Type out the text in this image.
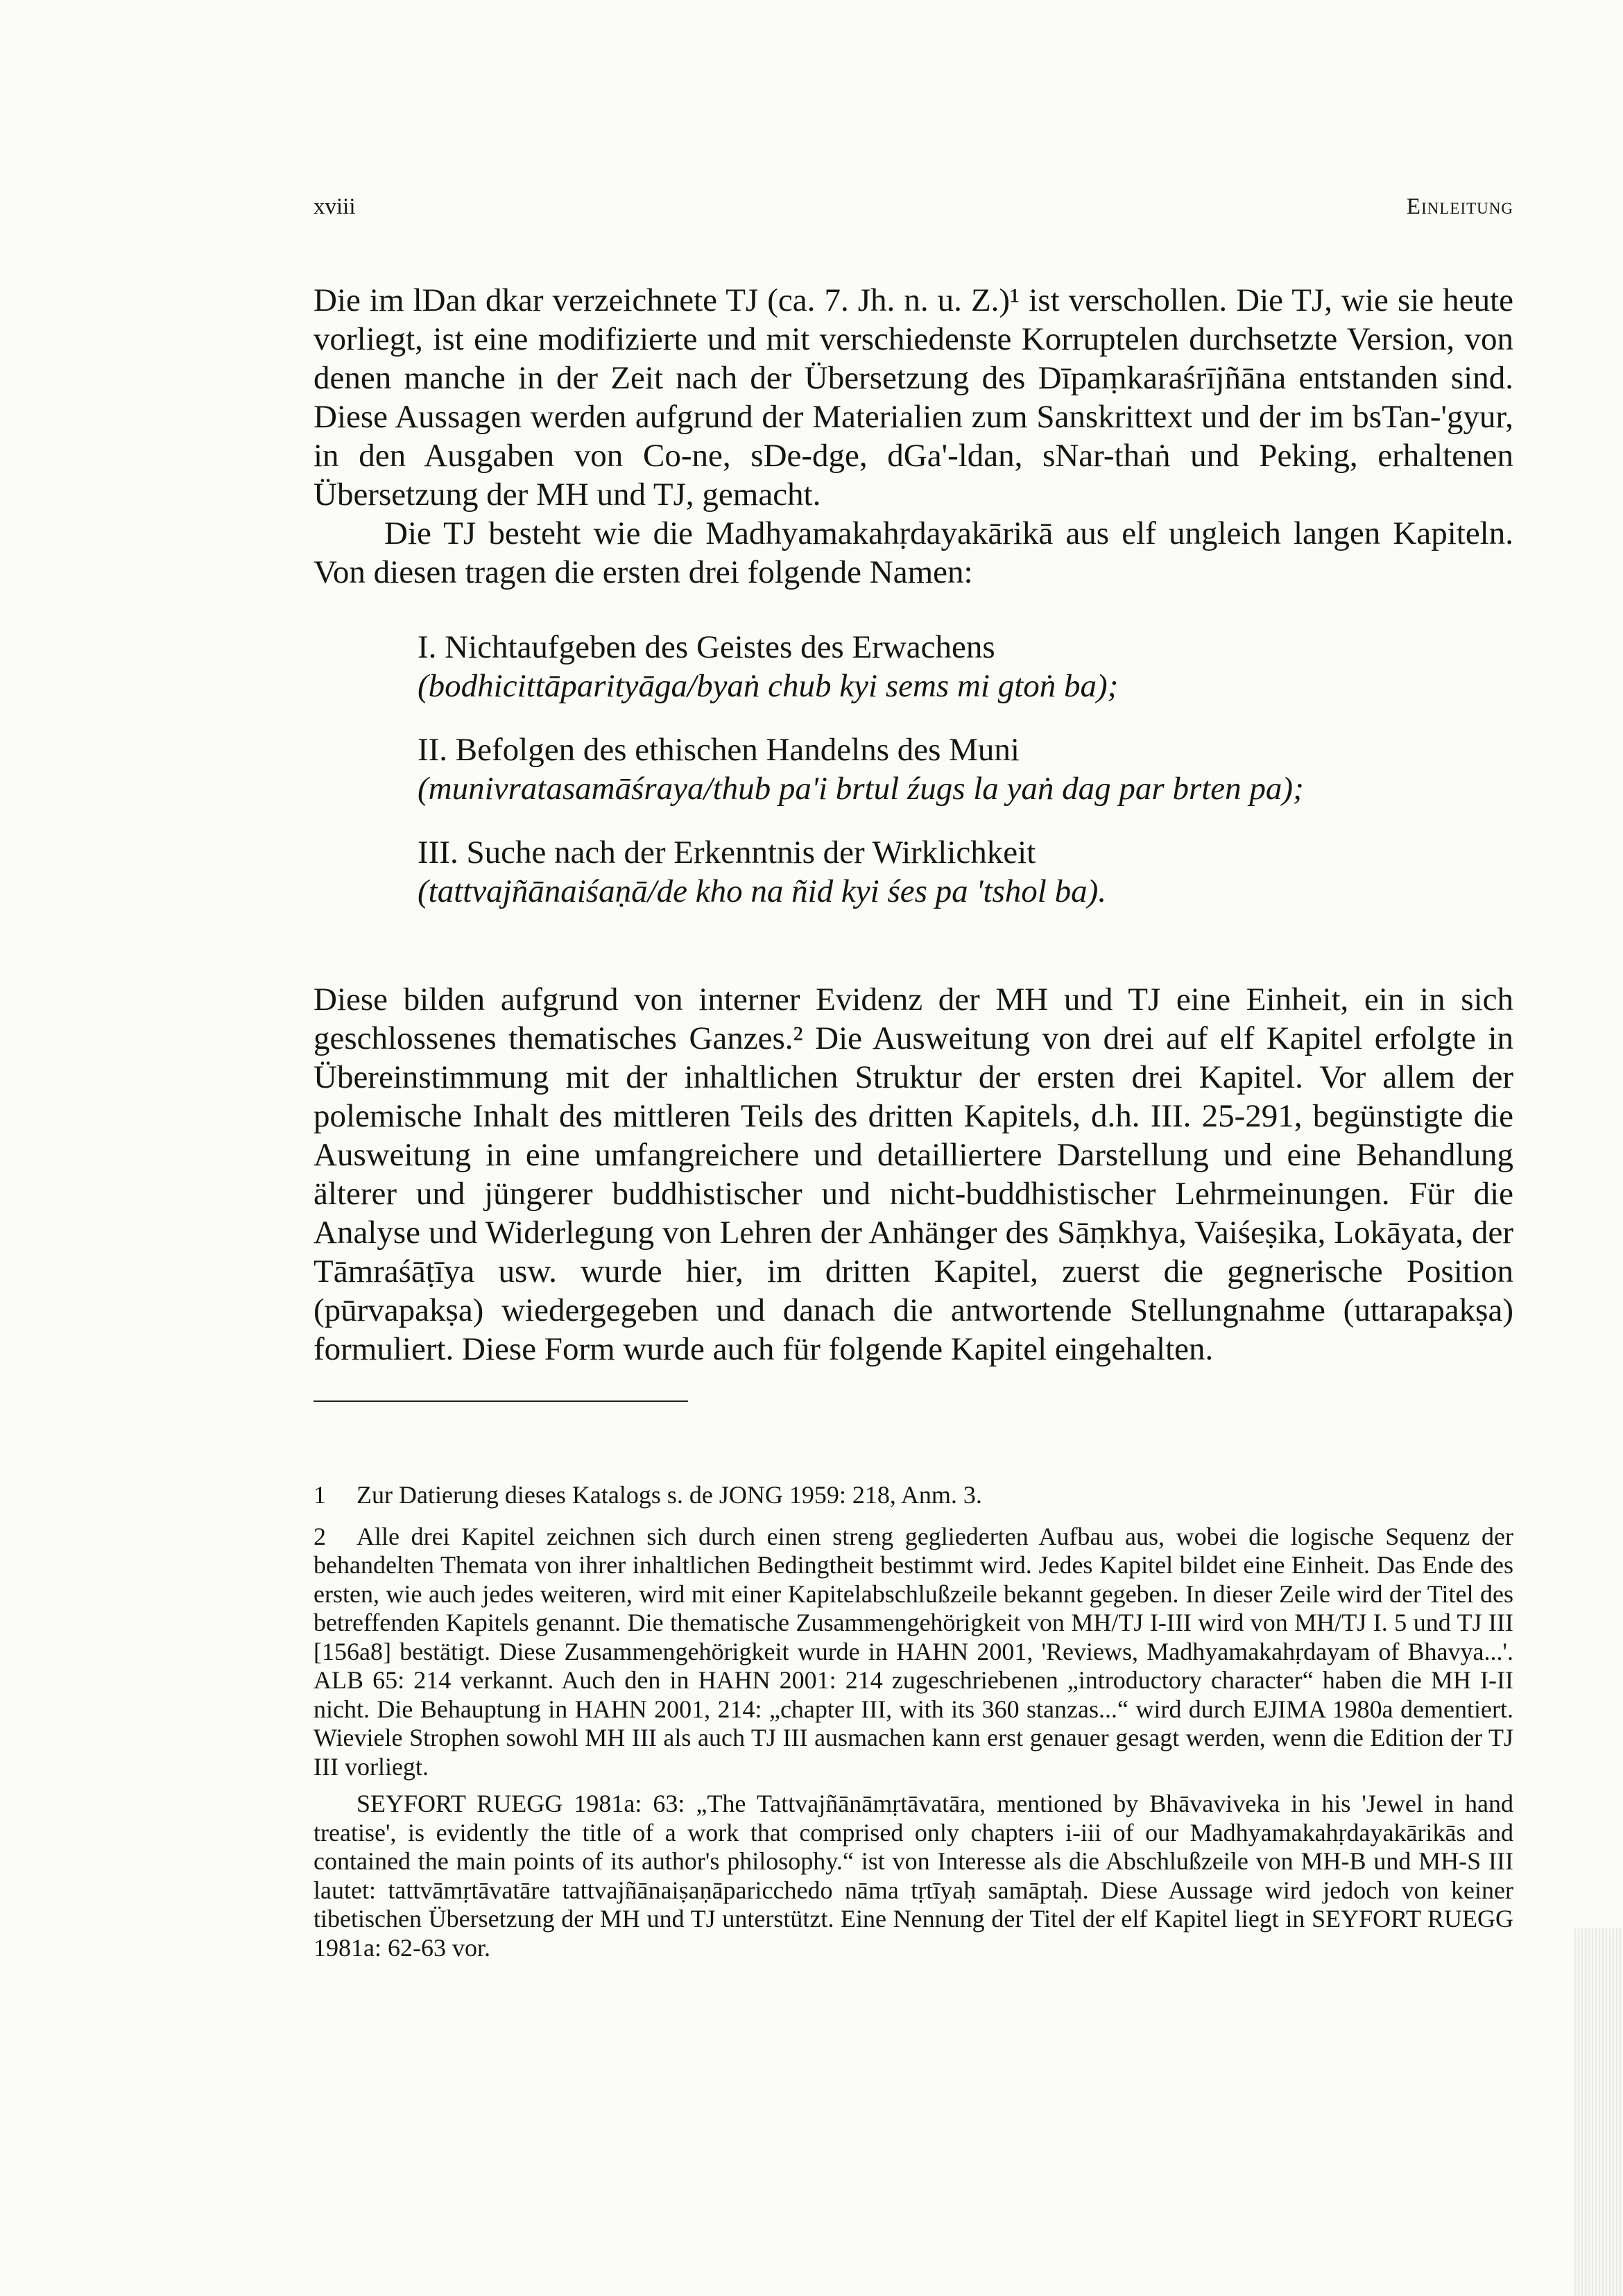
xviii	Einleitung

Die im lDan dkar verzeichnete TJ (ca. 7. Jh. n. u. Z.)¹ ist verschollen. Die TJ, wie sie heute vorliegt, ist eine modifizierte und mit verschiedenste Korruptelen durchsetzte Version, von denen manche in der Zeit nach der Übersetzung des Dīpaṃkaraśrījñāna entstanden sind. Diese Aussagen werden aufgrund der Materialien zum Sanskrittext und der im bsTan-'gyur, in den Ausgaben von Co-ne, sDe-dge, dGa'-ldan, sNar-thaṅ und Peking, erhaltenen Übersetzung der MH und TJ, gemacht.

Die TJ besteht wie die Madhyamakahṛdayakārikā aus elf ungleich langen Kapiteln. Von diesen tragen die ersten drei folgende Namen:

I. Nichtaufgeben des Geistes des Erwachens
(bodhicittāparityāga/byaṅ chub kyi sems mi gtoṅ ba);
II. Befolgen des ethischen Handelns des Muni
(munivratasamāśraya/thub pa'i brtul źugs la yaṅ dag par brten pa);
III. Suche nach der Erkenntnis der Wirklichkeit
(tattvajñānaiśaṇā/de kho na ñid kyi śes pa 'tshol ba).

Diese bilden aufgrund von interner Evidenz der MH und TJ eine Einheit, ein in sich geschlossenes thematisches Ganzes.² Die Ausweitung von drei auf elf Kapitel erfolgte in Übereinstimmung mit der inhaltlichen Struktur der ersten drei Kapitel. Vor allem der polemische Inhalt des mittleren Teils des dritten Kapitels, d.h. III. 25-291, begünstigte die Ausweitung in eine umfangreichere und detailliertere Darstellung und eine Behandlung älterer und jüngerer buddhistischer und nicht-buddhistischer Lehrmeinungen. Für die Analyse und Widerlegung von Lehren der Anhänger des Sāṃkhya, Vaiśeṣika, Lokāyata, der Tāmraśāṭīya usw. wurde hier, im dritten Kapitel, zuerst die gegnerische Position (pūrvapakṣa) wiedergegeben und danach die antwortende Stellungnahme (uttarapakṣa) formuliert. Diese Form wurde auch für folgende Kapitel eingehalten.

1	Zur Datierung dieses Katalogs s. de JONG 1959: 218, Anm. 3.

2	Alle drei Kapitel zeichnen sich durch einen streng gegliederten Aufbau aus, wobei die logische Sequenz der behandelten Themata von ihrer inhaltlichen Bedingtheit bestimmt wird. Jedes Kapitel bildet eine Einheit. Das Ende des ersten, wie auch jedes weiteren, wird mit einer Kapitelabschlußzeile bekannt gegeben. In dieser Zeile wird der Titel des betreffenden Kapitels genannt. Die thematische Zusammengehörigkeit von MH/TJ I-III wird von MH/TJ I. 5 und TJ III [156a8] bestätigt. Diese Zusammengehörigkeit wurde in HAHN 2001, 'Reviews, Madhyamakahṛdayam of Bhavya...'. ALB 65: 214 verkannt. Auch den in HAHN 2001: 214 zugeschriebenen „introductory character“ haben die MH I-II nicht. Die Behauptung in HAHN 2001, 214: „chapter III, with its 360 stanzas...“ wird durch EJIMA 1980a dementiert. Wieviele Strophen sowohl MH III als auch TJ III ausmachen kann erst genauer gesagt werden, wenn die Edition der TJ III vorliegt.

SEYFORT RUEGG 1981a: 63: „The Tattvajñānāmṛtāvatāra, mentioned by Bhāvaviveka in his 'Jewel in hand treatise', is evidently the title of a work that comprised only chapters i-iii of our Madhyamakahṛdayakārikās and contained the main points of its author's philosophy.“ ist von Interesse als die Abschlußzeile von MH-B und MH-S III lautet: tattvāmṛtāvatāre tattvajñānaiṣaṇāparicchedo nāma tṛtīyaḥ samāptaḥ. Diese Aussage wird jedoch von keiner tibetischen Übersetzung der MH und TJ unterstützt. Eine Nennung der Titel der elf Kapitel liegt in SEYFORT RUEGG 1981a: 62-63 vor.
